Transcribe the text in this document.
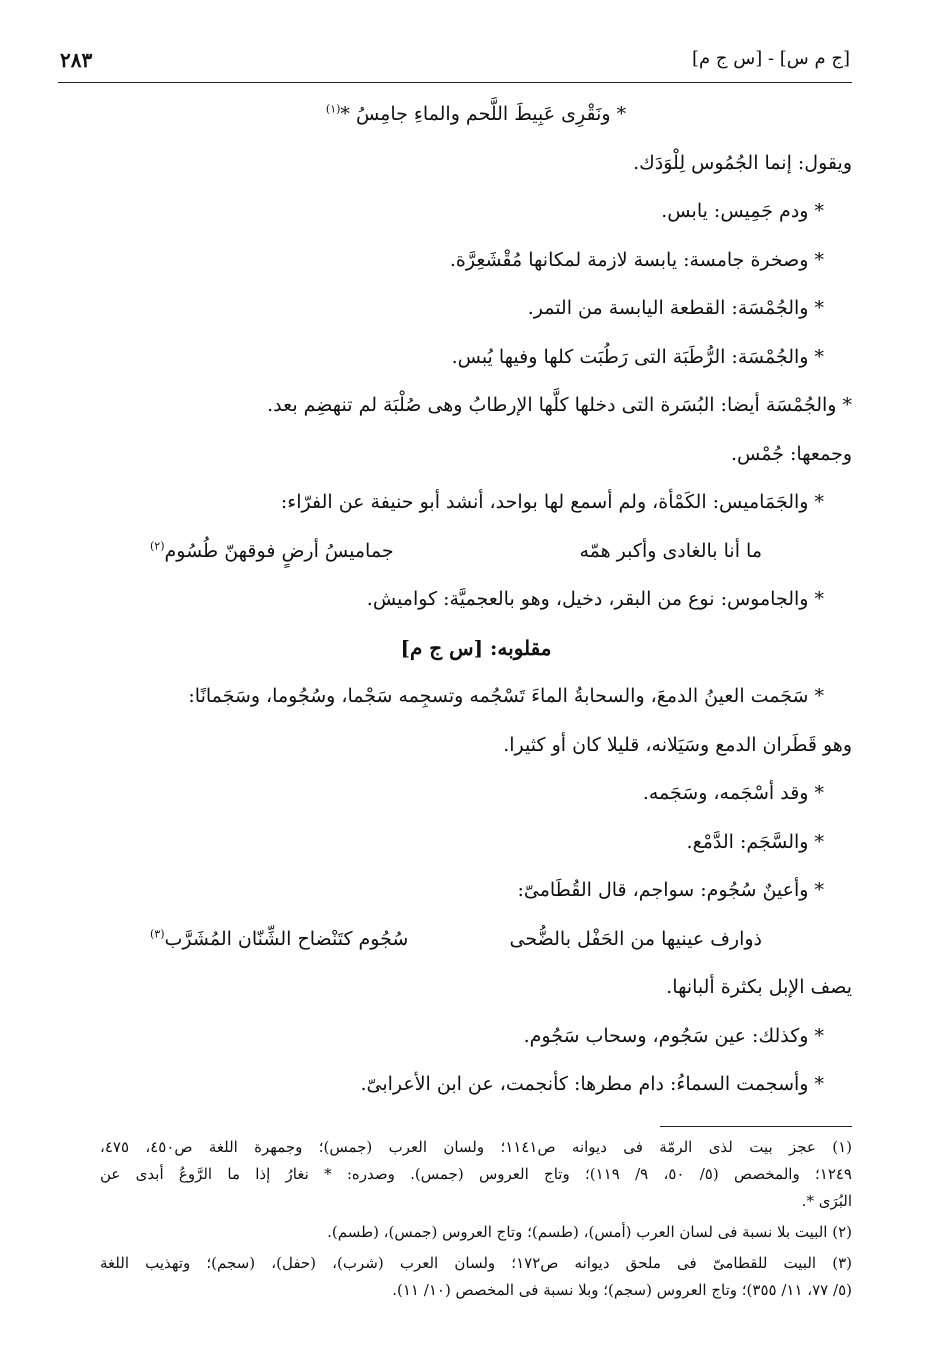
[ج م س] - [س ج م]
٢٨٣
* ونَقْرِى عَبِيطَ اللَّحم والماءِ جامِسُ *$^{(١)}$
ويقول: إنما الجُمُوس لِلْوَدَك.
* ودم جَمِيس: يابس.
* وصخرة جامسة: يابسة لازمة لمكانها مُقْشَعِرَّة.
* والجُمْسَة: القطعة اليابسة من التمر.
* والجُمْسَة: الرُّطَبَة التى رَطُبَت كلها وفيها يُبس.
* والجُمْسَة أيضا: البُسَرة التى دخلها كلَّها الإرطابُ وهى صُلْبَة لم تنهضِم بعد.
وجمعها: جُمْس.
* والجَمَاميس: الكَمْأة، ولم أسمع لها بواحد، أنشد أبو حنيفة عن الفرّاء:
ما أنا بالغادى وأكبر همّه
جماميسُ أرضٍ فوقهنّ طُسُوم$^{(٢)}$
* والجاموس: نوع من البقر، دخيل، وهو بالعجميَّة: كواميش.
مقلوبه: [س ج م]
* سَجَمت العينُ الدمعَ، والسحابةُ الماءَ تَسْجُمه وتسجِمه سَجْما، وسُجُوما، وسَجَمانًا:
وهو قَطَران الدمع وسَيَلانه، قليلا كان أو كثيرا.
* وقد أسْجَمه، وسَجَمه.
* والسَّجَم: الدَّمْع.
* وأعينٌ سُجُوم: سواجم، قال القُطَامىّ:
ذوارف عينيها من الحَفْل بالضُّحى
سُجُوم كتَنْضاح الشِّنّان المُشَرَّب$^{(٣)}$
يصف الإبل بكثرة ألبانها.
* وكذلك: عين سَجُوم، وسحاب سَجُوم.
* وأسجمت السماءُ: دام مطرها: كأنجمت، عن ابن الأعرابىّ.
(١) عجز بيت لذى الرمّة فى ديوانه ص١١٤١؛ ولسان العرب (جمس)؛ وجمهرة اللغة ص٤٥٠، ٤٧٥،
١٢٤٩؛ والمخصص (٥/ ٥٠، ٩/ ١١٩)؛ وتاج العروس (جمس). وصدره: * نغارُ إذا ما الرَّوعُ أبدى عن
البُرَى *.
(٢) البيت بلا نسبة فى لسان العرب (أمس)، (طسم)؛ وتاج العروس (جمس)، (طسم).
(٣) البيت للقطامىّ فى ملحق ديوانه ص١٧٢؛ ولسان العرب (شرب)، (حفل)، (سجم)؛ وتهذيب اللغة
(٥/ ٧٧، ١١/ ٣٥٥)؛ وتاج العروس (سجم)؛ وبلا نسبة فى المخصص (١٠/ ١١).
